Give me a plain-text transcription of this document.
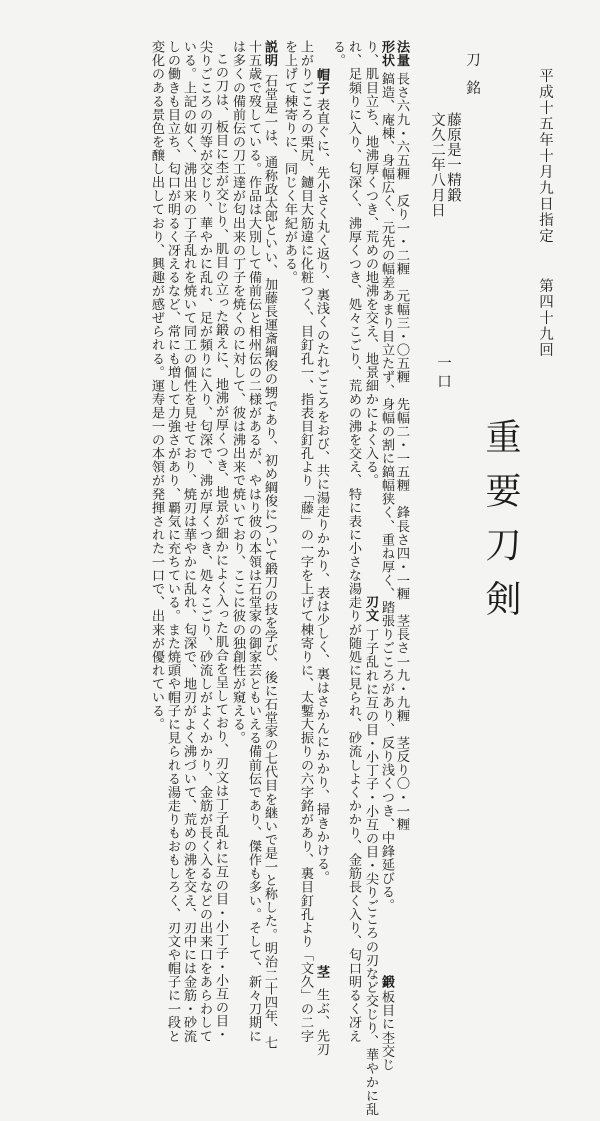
平成十五年十月九日指定
第四十九回
重要刀剣
刀
銘
藤原是一精鍛
文久二年八月日
一口
法量
長さ六九・六五糎　反り一・二糎　元幅三・〇五糎　先幅二・一五糎　鋒長さ四・一糎　茎長さ一九・九糎　茎反り〇・一糎
形状
鎬造、庵棟、身幅広く、元先の幅差あまり目立たず、身幅の割に鎬幅狭く、重ね厚く、踏張りごころがあり、反り浅くつき、中鋒延びる。
鍛
板目に杢交じ
り、肌目立ち、地沸厚くつき、荒めの地沸を交え、地景細かによく入る。
刃文
丁子乱れに互の目・小丁子・小互の目・尖りごころの刃など交じり、華やかに乱
れ、足頻りに入り、匂深く、沸厚くつき、処々こごり、荒めの沸を交え、特に表に小さな湯走りが随処に見られ、砂流しよくかかり、金筋長く入り、匂口明るく冴え
る。
帽子
表直ぐに、先小さく丸く返り、裏浅くのたれごころをおび、共に湯走りかかり、表は少しく、裏はさかんにかかり、掃きかける。
茎
生ぶ、先刃
上がりごころの栗尻、鑢目大筋違に化粧つく、目釘孔一、指表目釘孔より「藤」の一字を上げて棟寄りに、太鏨大振りの六字銘があり、裏目釘孔より「文久」の二字
を上げて棟寄りに、同じく年紀がある。
説明
石堂是一は、通称政太郎といい、加藤長運斎綱俊の甥であり、初め綱俊について鍛刀の技を学び、後に石堂家の七代目を継いで是一と称した。明治二十四年、七
十五歳で歿している。作品は大別して備前伝と相州伝の二様があるが、やはり彼の本領は石堂家の御家芸ともいえる備前伝であり、傑作も多い。そして、新々刀期に
は多くの備前伝の刀工達が匂出来の丁子を焼くのに対して、彼は沸出来で焼いており、ここに彼の独創性が窺える。
この刀は、板目に杢が交じり、肌目の立った鍛えに、地沸が厚くつき、地景が細かによく入った肌合を呈しており、刃文は丁子乱れに互の目・小丁子・小互の目・
尖りごころの刃等が交じり、華やかに乱れ、足が頻りに入り、匂深で、沸が厚くつき、処々こごり、砂流しがよくかかり、金筋が長く入るなどの出来口をあらわして
いる。上記の如く、沸出来の丁子乱れを焼いて同工の個性を見せており、焼刃は華やかに乱れ、匂深で、地刃がよく沸づいて、荒めの沸を交え、刃中には金筋・砂流
しの働きも目立ち、匂口が明るく冴えるなど、常にも増して力強さがあり、覇気に充ちている。また焼頭や帽子に見られる湯走りもおもしろく、刃文や帽子に一段と
変化のある景色を醸し出しており、興趣が感ぜられる。運寿是一の本領が発揮された一口で、出来が優れている。
